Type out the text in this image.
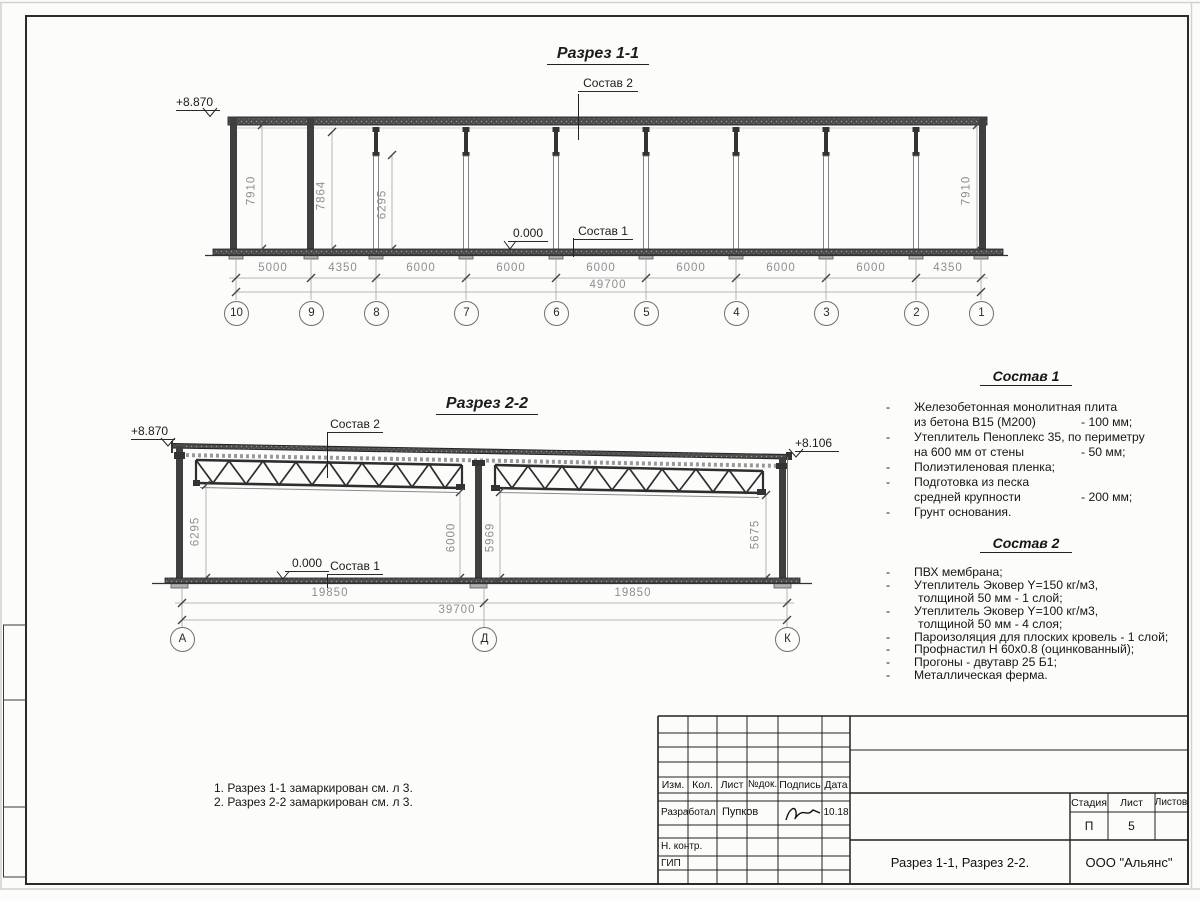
Разрез 1-1
+8.870
Состав 2
0.000	Состав 1
7910	7864	6295	7910
5000	4350	6000	6000	6000	6000	6000	6000	4350
49700
10	9	8	7	6	5	4	3	2	1
Разрез 2-2
+8.870
+8.106
Состав 2
0.000 Состав 1
6295	6000 5969	5675
19850	19850
39700
А	Д	К
Состав 1
- Железобетонная монолитная плита
из бетона В15 (М200)	- 100 мм;
- Утеплитель Пеноплекс 35, по периметру
на 600 мм от стены	- 50 мм;
- Полиэтиленовая пленка;
- Подготовка из песка
средней крупности	- 200 мм;
- Грунт основания.
Состав 2
- ПВХ мембрана;
- Утеплитель Эковер Y=150 кг/м3,
толщиной 50 мм - 1 слой;
- Утеплитель Эковер Y=100 кг/м3,
толщиной 50 мм - 4 слоя;
- Пароизоляция для плоских кровель - 1 слой;
- Профнастил Н 60х0.8 (оцинкованный);
- Прогоны - двутавр 25 Б1;
- Металлическая ферма.
1. Разрез 1-1 замаркирован см. л 3.
2. Разрез 2-2 замаркирован см. л 3.
Изм. Кол. Лист №док. Подпись Дата
Разработал Пупков	10.18
Н. контр.
ГИП
Стадия	Лист	Листов
П	5
Разрез 1-1, Разрез 2-2.	ООО "Альянс"
